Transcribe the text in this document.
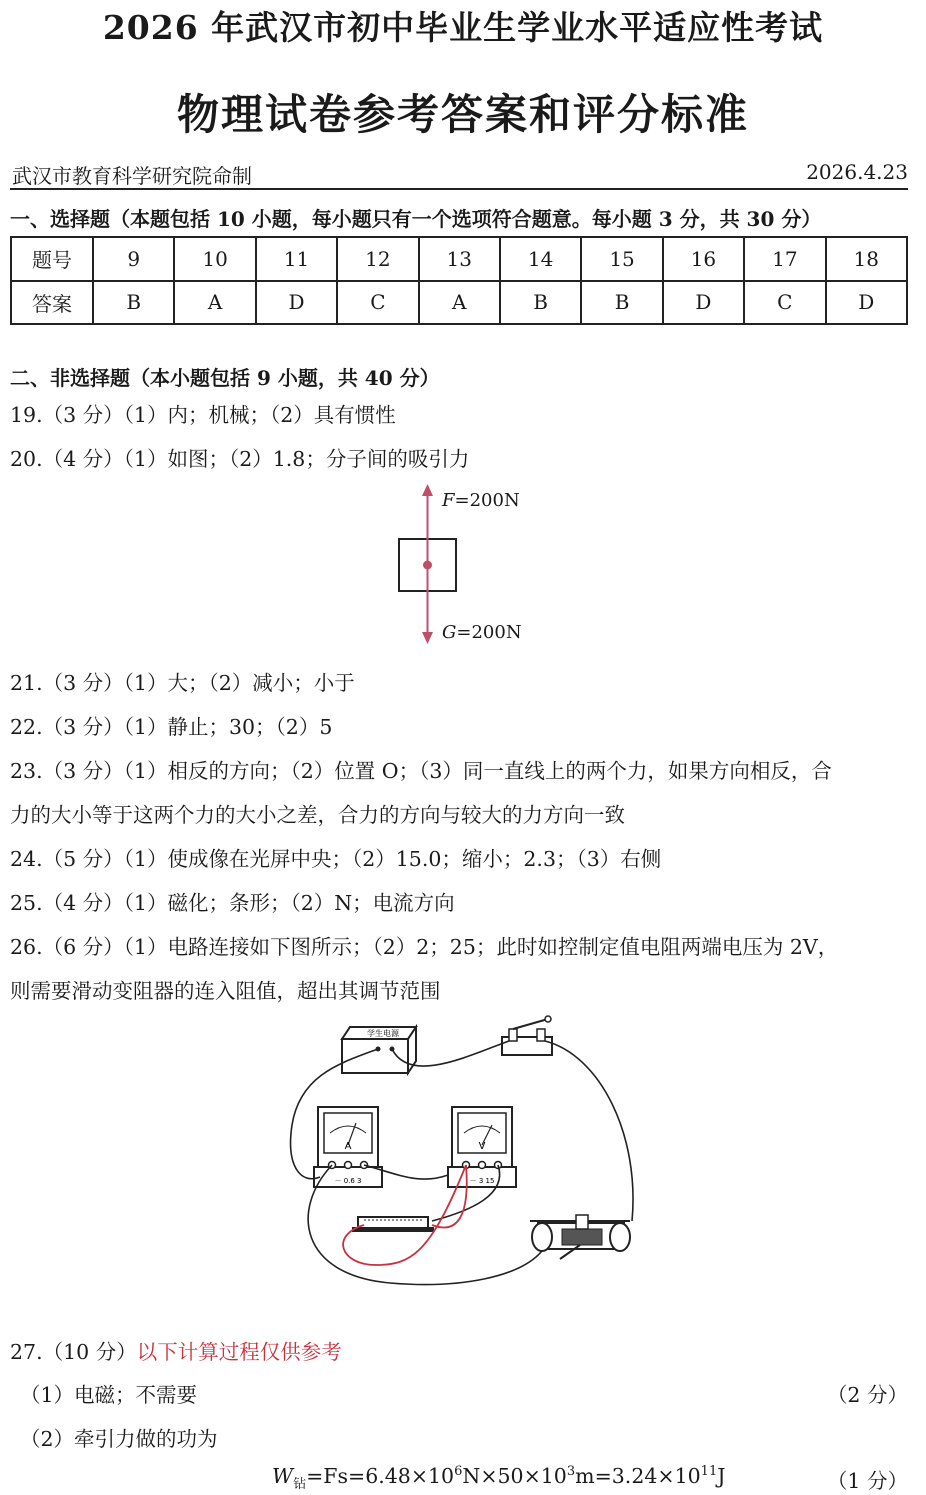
2026 年武汉市初中毕业生学业水平适应性考试
物理试卷参考答案和评分标准
武汉市教育科学研究院命制	2026.4.23
一、选择题（本题包括 10 小题，每小题只有一个选项符合题意。每小题 3 分，共 30 分）
题号	9	10	11	12	13	14	15	16	17	18
答案	B	A	D	C	A	B	B	D	C	D
二、非选择题（本小题包括 9 小题，共 40 分）
19.（3 分）（1）内；机械；（2）具有惯性
20.（4 分）（1）如图；（2）1.8；分子间的吸引力
F=200N
G=200N
21.（3 分）（1）大；（2）减小；小于
22.（3 分）（1）静止；30；（2）5
23.（3 分）（1）相反的方向；（2）位置 O；（3）同一直线上的两个力，如果方向相反，合
力的大小等于这两个力的大小之差，合力的方向与较大的力方向一致
24.（5 分）（1）使成像在光屏中央；（2）15.0；缩小；2.3；（3）右侧
25.（4 分）（1）磁化；条形；（2）N；电流方向
26.（6 分）（1）电路连接如下图所示；（2）2；25；此时如控制定值电阻两端电压为 2V，
则需要滑动变阻器的连入阻值，超出其调节范围
学生电源
A
－ 0.6 3
V
－ 3 15
27.（10 分）以下计算过程仅供参考
（1）电磁；不需要	（2 分）
（2）牵引力做的功为
$W_钻=Fs=6.48\times 10^6N\times 50\times 10^3m=3.24\times 10^{11}J$	（1 分）
